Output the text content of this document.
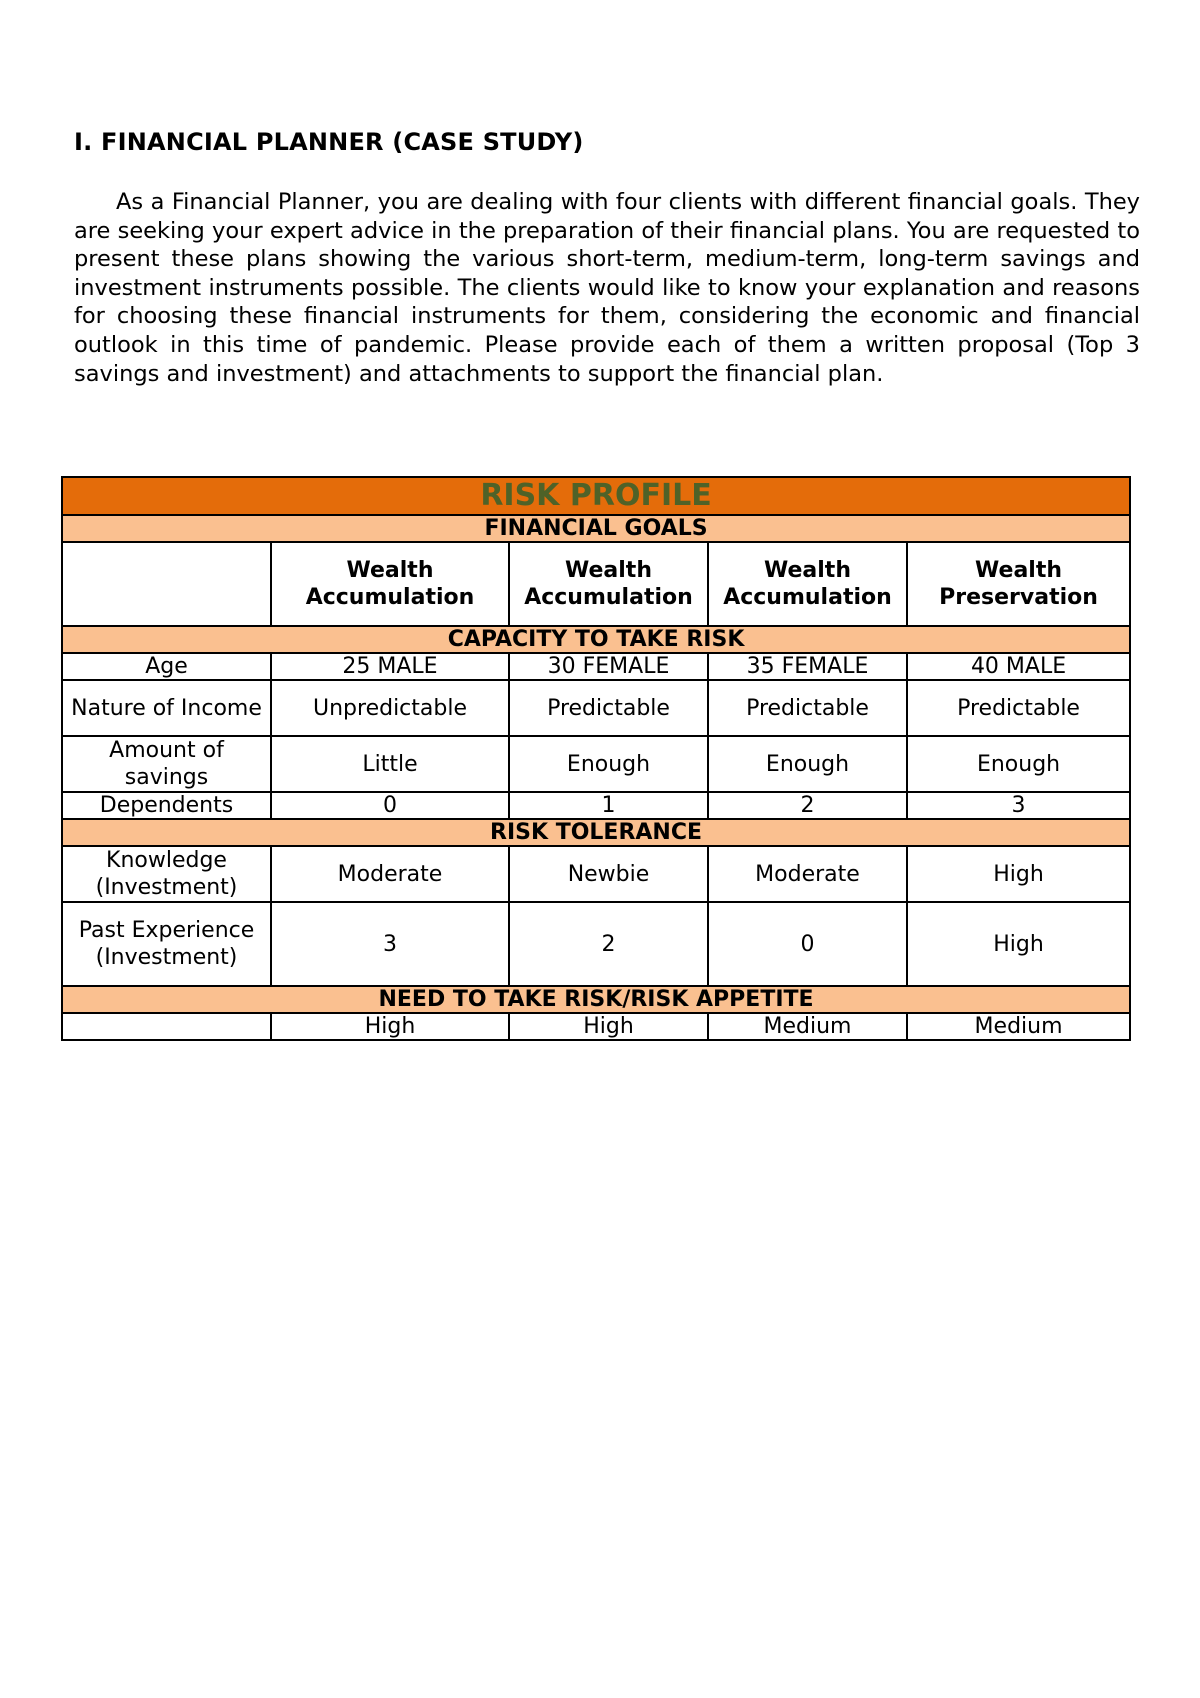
I. FINANCIAL PLANNER (CASE STUDY)

As a Financial Planner, you are dealing with four clients with different financial goals. They are seeking your expert advice in the preparation of their financial plans. You are requested to present these plans showing the various short-term, medium-term, long-term savings and investment instruments possible. The clients would like to know your explanation and reasons for choosing these financial instruments for them, considering the economic and financial outlook in this time of pandemic. Please provide each of them a written proposal (Top 3 savings and investment) and attachments to support the financial plan.

RISK PROFILE				
FINANCIAL GOALS				
	Wealth Accumulation	Wealth Accumulation	Wealth Accumulation	Wealth Preservation
CAPACITY TO TAKE RISK				
Age	25 MALE	30 FEMALE	35 FEMALE	40 MALE
Nature of Income	Unpredictable	Predictable	Predictable	Predictable
Amount of savings	Little	Enough	Enough	Enough
Dependents	0	1	2	3
RISK TOLERANCE				
Knowledge (Investment)	Moderate	Newbie	Moderate	High
Past Experience (Investment)	3	2	0	High
NEED TO TAKE RISK/RISK APPETITE				
	High	High	Medium	Medium
